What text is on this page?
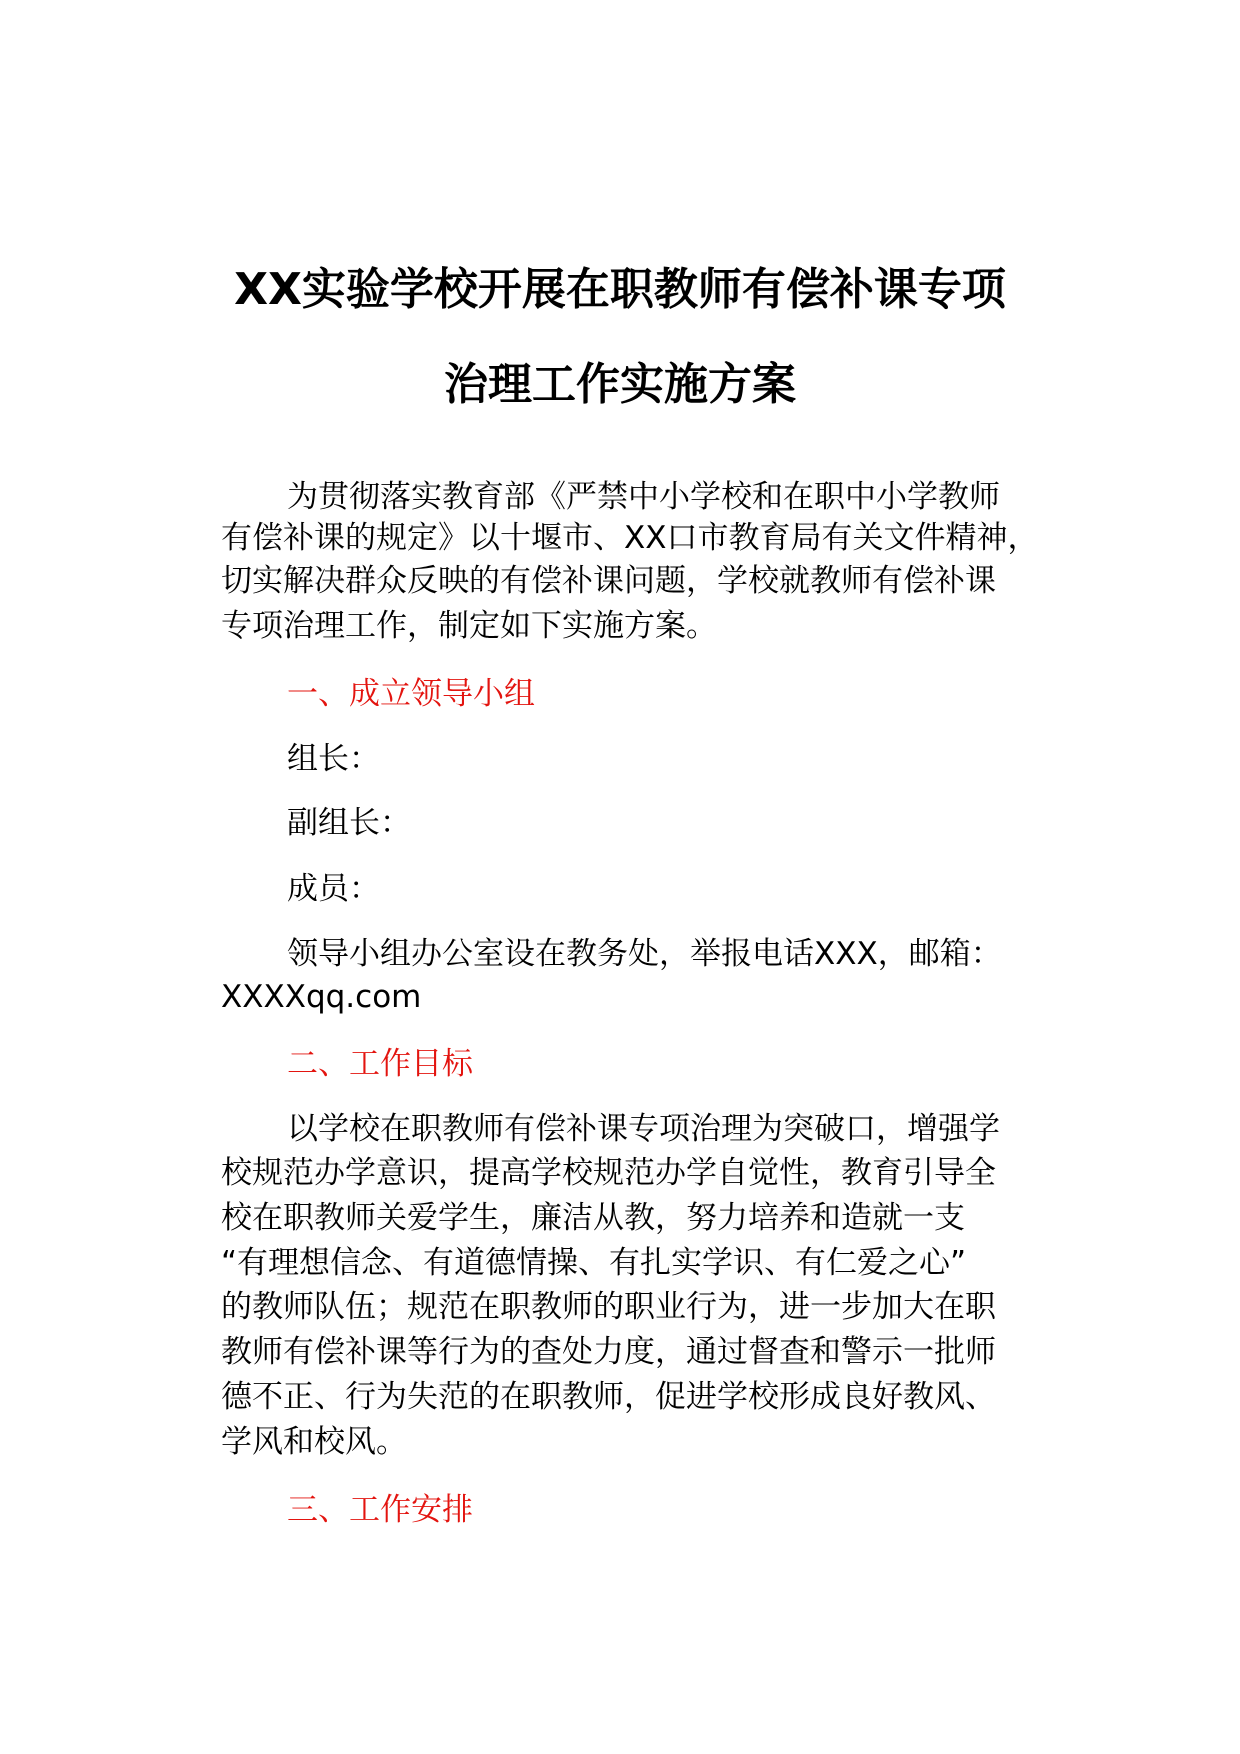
XX实验学校开展在职教师有偿补课专项
治理工作实施方案
为贯彻落实教育部《严禁中小学校和在职中小学教师
有偿补课的规定》以十堰市、XX口市教育局有关文件精神，
切实解决群众反映的有偿补课问题，学校就教师有偿补课
专项治理工作，制定如下实施方案。
一、成立领导小组
组长：
副组长：
成员：
领导小组办公室设在教务处，举报电话XXX，邮箱：
XXXXqq.com
二、工作目标
以学校在职教师有偿补课专项治理为突破口，增强学
校规范办学意识，提高学校规范办学自觉性，教育引导全
校在职教师关爱学生，廉洁从教，努力培养和造就一支
“有理想信念、有道德情操、有扎实学识、有仁爱之心”
的教师队伍；规范在职教师的职业行为，进一步加大在职
教师有偿补课等行为的查处力度，通过督查和警示一批师
德不正、行为失范的在职教师，促进学校形成良好教风、
学风和校风。
三、工作安排
